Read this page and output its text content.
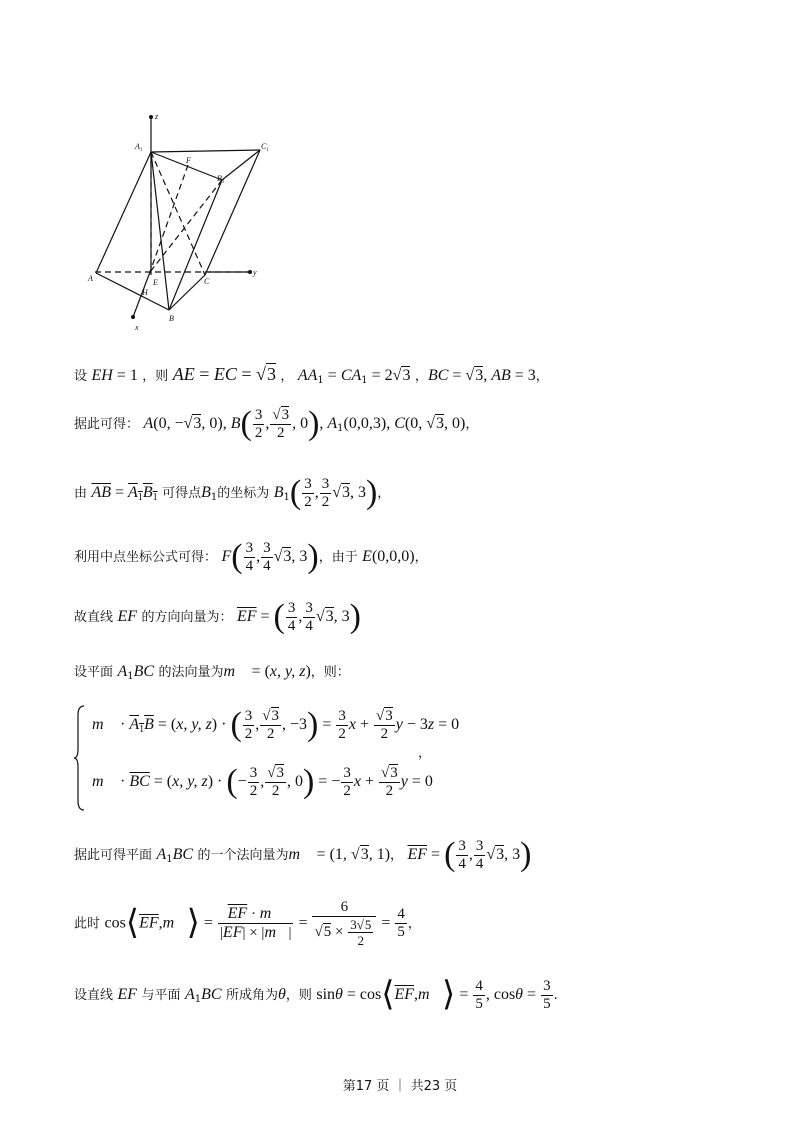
z
y
x
$A_1$	$C_1$
$B_1$
F
A	E
H
C
B
设 EH = 1 ，则 AE = EC = √3 ， $AA_1 = CA_1 = 2√3$ ，BC = √3, AB = 3，
据此可得： A(0, −√3, 0), $B( \frac{3}{2}$ , $\frac{√3}{2}$ , 0), $A_1(0,0,3)$, C(0, √3, 0)，
由 $\overline{AB} = A_1B_1$ 可得点$B_1$的坐标为 $B_1( \frac{3}{2}$ , $\frac{3}{2} √3$, 3)，
利用中点坐标公式可得： $F( \frac{3}{4}$ , $\frac{3}{4} √3$, 3)，由于 E(0,0,0)，
故直线 EF 的方向向量为： $\overline{EF}$ = ( $\frac{3}{4}$ , $\frac{3}{4} √3$, 3)
设平面 $A_1BC$ 的法向量为m⃗ = (x, y, z)，则：
m⃗ · $A_1B = (x$, y, z) · ( $\frac{3}{2}$ , $\frac{√3}{2}$ , $-3) = \frac{3}{2}$ $x + \frac{√3}{2}$ y − 3z = 0
，
m⃗ · $\overline{BC} = (x$, y, z) · (− $\frac{3}{2}$ , $\frac{√3}{2}$ , 0) = − $\frac{3}{2}$ $x + \frac{√3}{2}$ y = 0
据此可得平面 $A_1BC$ 的一个法向量为m⃗ = (1, √3, 1)， $\overline{EF}$ = ( $\frac{3}{4}$ , $\frac{3}{4} √3$, 3)
此时 $\cos⟨\overline{EF},m⃗⟩ = \frac{\overline{EF} \cdot m⃗}{|\overline{EF}| \times |m⃗|} = \frac{6}{√5 \times \frac{3√5}{2}} = \frac{4}{5}$ ，
设直线 EF 与平面 $A_1BC$ 所成角为θ，则 $\sin\theta = \cos⟨\overline{EF},m⃗⟩ = \frac{4}{5}$ , $\cos\theta = \frac{3}{5}$ .
第17 页 ｜ 共23 页
